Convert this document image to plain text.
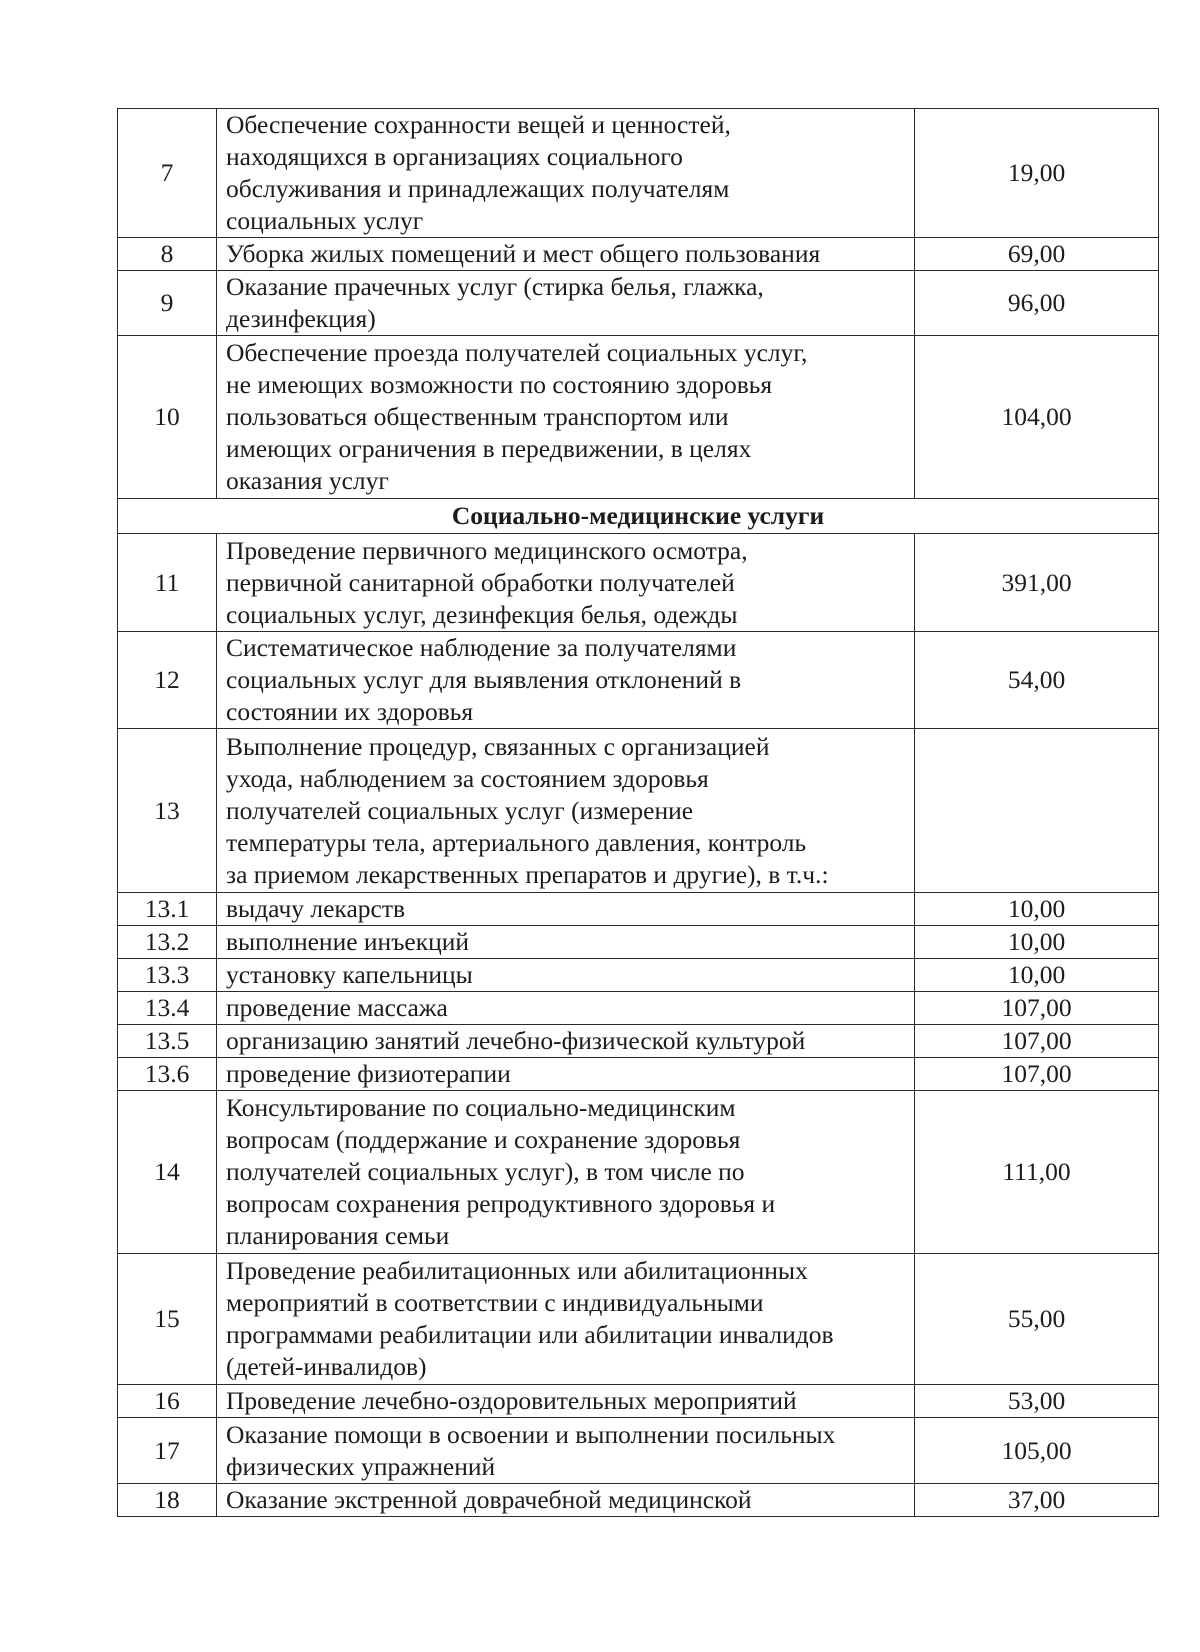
7	Обеспечение сохранности вещей и ценностей,
находящихся в организациях социального
обслуживания и принадлежащих получателям
социальных услуг	19,00
8	Уборка жилых помещений и мест общего пользования	69,00
9	Оказание прачечных услуг (стирка белья, глажка,
дезинфекция)	96,00
10	Обеспечение проезда получателей социальных услуг,
не имеющих возможности по состоянию здоровья
пользоваться общественным транспортом или
имеющих ограничения в передвижении, в целях
оказания услуг	104,00
Социально-медицинские услуги		
11	Проведение первичного медицинского осмотра,
первичной санитарной обработки получателей
социальных услуг, дезинфекция белья, одежды	391,00
12	Систематическое наблюдение за получателями
социальных услуг для выявления отклонений в
состоянии их здоровья	54,00
13	Выполнение процедур, связанных с организацией
ухода, наблюдением за состоянием здоровья
получателей социальных услуг (измерение
температуры тела, артериального давления, контроль
за приемом лекарственных препаратов и другие), в т.ч.:	

13.1	выдачу лекарств	10,00
13.2	выполнение инъекций	10,00
13.3	установку капельницы	10,00
13.4	проведение массажа	107,00
13.5	организацию занятий лечебно-физической культурой	107,00
13.6	проведение физиотерапии	107,00
14	Консультирование по социально-медицинским
вопросам (поддержание и сохранение здоровья
получателей социальных услуг), в том числе по
вопросам сохранения репродуктивного здоровья и
планирования семьи	111,00
15	Проведение реабилитационных или абилитационных
мероприятий в соответствии с индивидуальными
программами реабилитации или абилитации инвалидов
(детей-инвалидов)	55,00
16	Проведение лечебно-оздоровительных мероприятий	53,00
17	Оказание помощи в освоении и выполнении посильных
физических упражнений	105,00
18	Оказание экстренной доврачебной медицинской	37,00
